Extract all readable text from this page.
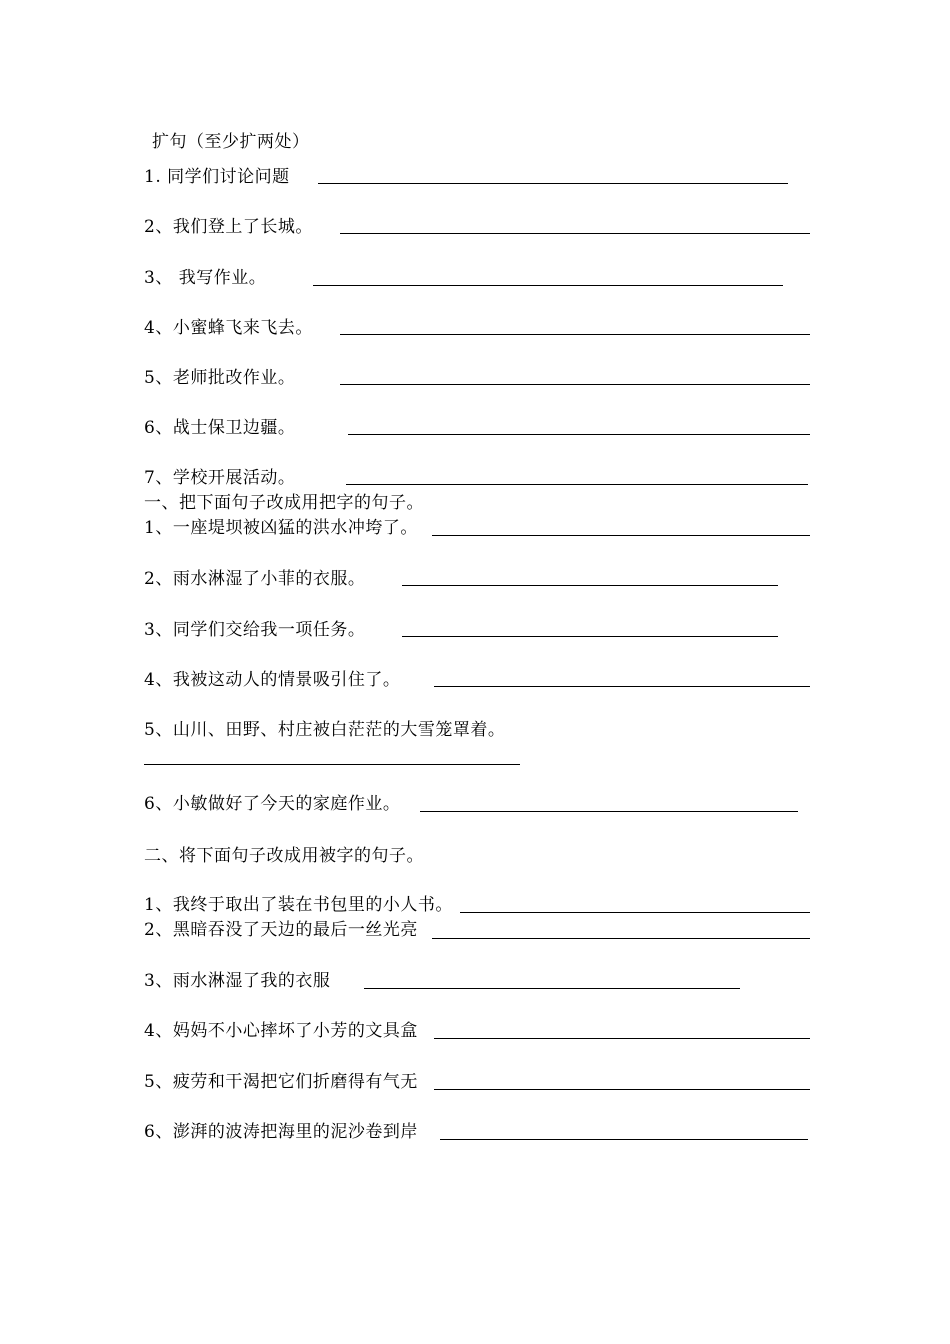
扩句（至少扩两处）
1. 同学们讨论问题
2、我们登上了长城。
3、 我写作业。
4、小蜜蜂飞来飞去。
5、老师批改作业。
6、战士保卫边疆。
7、学校开展活动。
一、把下面句子改成用把字的句子。
1、一座堤坝被凶猛的洪水冲垮了。
2、雨水淋湿了小菲的衣服。
3、同学们交给我一项任务。
4、我被这动人的情景吸引住了。
5、山川、田野、村庄被白茫茫的大雪笼罩着。
6、小敏做好了今天的家庭作业。
二、将下面句子改成用被字的句子。
1、我终于取出了装在书包里的小人书。
2、黑暗吞没了天边的最后一丝光亮
3、雨水淋湿了我的衣服
4、妈妈不小心摔坏了小芳的文具盒
5、疲劳和干渴把它们折磨得有气无
6、澎湃的波涛把海里的泥沙卷到岸
